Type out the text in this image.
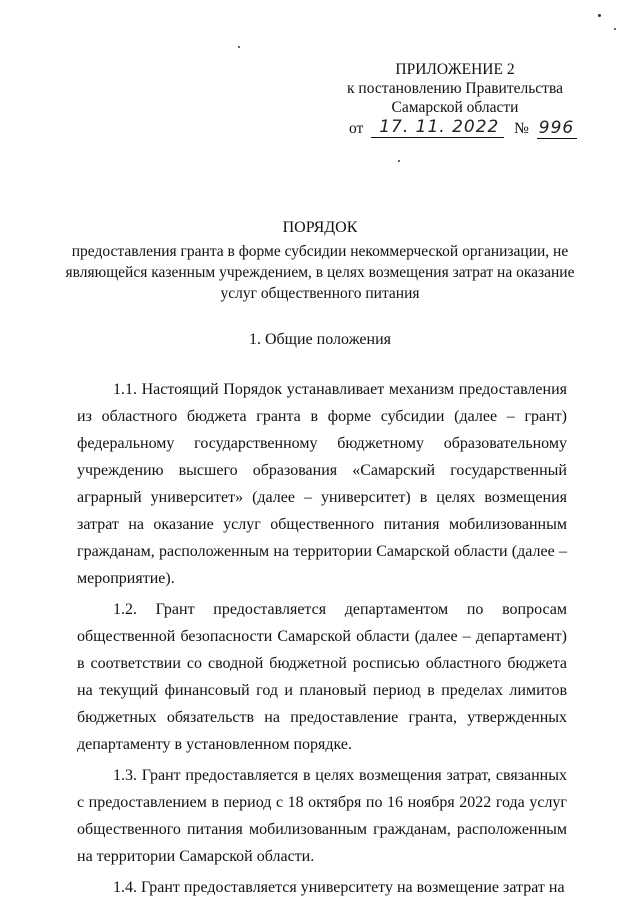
ПРИЛОЖЕНИЕ 2
к постановлению Правительства
Самарской области
от 17. 11. 2022 № 996
ПОРЯДОК
предоставления гранта в форме субсидии некоммерческой организации, не являющейся казенным учреждением, в целях возмещения затрат на оказание услуг общественного питания
1. Общие положения

1.1. Настоящий Порядок устанавливает механизм предоставления из областного бюджета гранта в форме субсидии (далее – грант) федеральному государственному бюджетному образовательному учреждению высшего образования «Самарский государственный аграрный университет» (далее – университет) в целях возмещения затрат на оказание услуг общественного питания мобилизованным гражданам, расположенным на территории Самарской области (далее – мероприятие).

1.2. Грант предоставляется департаментом по вопросам общественной безопасности Самарской области (далее – департамент) в соответствии со сводной бюджетной росписью областного бюджета на текущий финансовый год и плановый период в пределах лимитов бюджетных обязательств на предоставление гранта, утвержденных департаменту в установленном порядке.

1.3. Грант предоставляется в целях возмещения затрат, связанных с предоставлением в период с 18 октября по 16 ноября 2022 года услуг общественного питания мобилизованным гражданам, расположенным на территории Самарской области.

1.4. Грант предоставляется университету на возмещение затрат на
